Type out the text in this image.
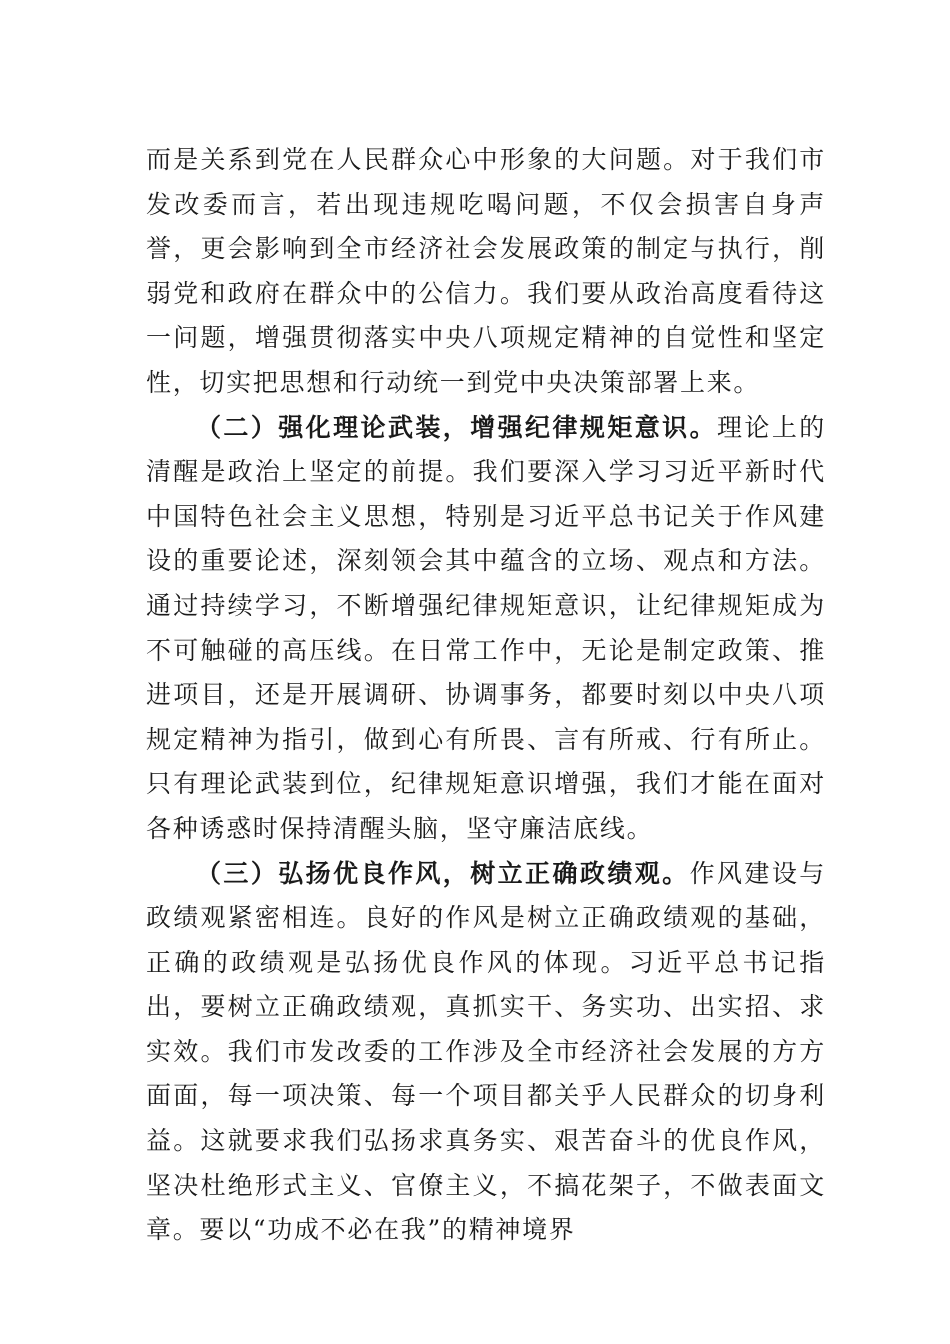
而是关系到党在人民群众心中形象的大问题。对于我们市发改委而言，若出现违规吃喝问题，不仅会损害自身声誉，更会影响到全市经济社会发展政策的制定与执行，削弱党和政府在群众中的公信力。我们要从政治高度看待这一问题，增强贯彻落实中央八项规定精神的自觉性和坚定性，切实把思想和行动统一到党中央决策部署上来。

（二）强化理论武装，增强纪律规矩意识。理论上的清醒是政治上坚定的前提。我们要深入学习习近平新时代中国特色社会主义思想，特别是习近平总书记关于作风建设的重要论述，深刻领会其中蕴含的立场、观点和方法。通过持续学习，不断增强纪律规矩意识，让纪律规矩成为不可触碰的高压线。在日常工作中，无论是制定政策、推进项目，还是开展调研、协调事务，都要时刻以中央八项规定精神为指引，做到心有所畏、言有所戒、行有所止。只有理论武装到位，纪律规矩意识增强，我们才能在面对各种诱惑时保持清醒头脑，坚守廉洁底线。

（三）弘扬优良作风，树立正确政绩观。作风建设与政绩观紧密相连。良好的作风是树立正确政绩观的基础，正确的政绩观是弘扬优良作风的体现。习近平总书记指出，要树立正确政绩观，真抓实干、务实功、出实招、求实效。我们市发改委的工作涉及全市经济社会发展的方方面面，每一项决策、每一个项目都关乎人民群众的切身利益。这就要求我们弘扬求真务实、艰苦奋斗的优良作风，坚决杜绝形式主义、官僚主义，不搞花架子，不做表面文章。要以“功成不必在我”的精神境界
